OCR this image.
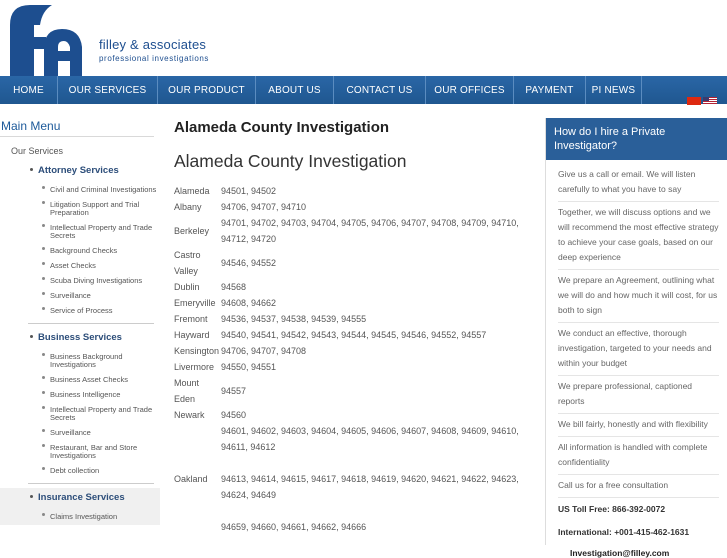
filley & associates
professional investigations
HOME	OUR SERVICES	OUR PRODUCT	ABOUT US	CONTACT US	OUR OFFICES	PAYMENT	PI NEWS
Main Menu
Our Services
Attorney Services
Civil and Criminal Investigations
Litigation Support and Trial Preparation
Intellectual Property and Trade Secrets
Background Checks
Asset Checks
Scuba Diving Investigations
Surveillance
Service of Process
Business Services
Business Background Investigations
Business Asset Checks
Business Intelligence
Intellectual Property and Trade Secrets
Surveillance
Restaurant, Bar and Store Investigations
Debt collection
Insurance Services
Claims Investigation
Alameda County Investigation
Alameda County Investigation
Alameda	94501, 94502
Albany	94706, 94707, 94710
Berkeley	94701, 94702, 94703, 94704, 94705, 94706, 94707, 94708, 94709, 94710, 94712, 94720
Castro Valley	94546, 94552
Dublin	94568
Emeryville	94608, 94662
Fremont	94536, 94537, 94538, 94539, 94555
Hayward	94540, 94541, 94542, 94543, 94544, 94545, 94546, 94552, 94557
Kensington	94706, 94707, 94708
Livermore	94550, 94551
Mount Eden	94557
Newark	94560
Oakland	94601, 94602, 94603, 94604, 94605, 94606, 94607, 94608, 94609, 94610, 94611, 94612

94613, 94614, 94615, 94617, 94618, 94619, 94620, 94621, 94622, 94623, 94624, 94649

94659, 94660, 94661, 94662, 94666
How do I hire a Private Investigator?
Give us a call or email. We will listen carefully to what you have to say
Together, we will discuss options and we will recommend the most effective strategy to achieve your case goals, based on our deep experience
We prepare an Agreement, outlining what we will do and how much it will cost, for us both to sign
We conduct an effective, thorough investigation, targeted to your needs and within your budget
We prepare professional, captioned reports
We bill fairly, honestly and with flexibility
All information is handled with complete confidentiality
Call us for a free consultation
US Toll Free: 866-392-0072
International: +001-415-462-1631
Investigation@filley.com
